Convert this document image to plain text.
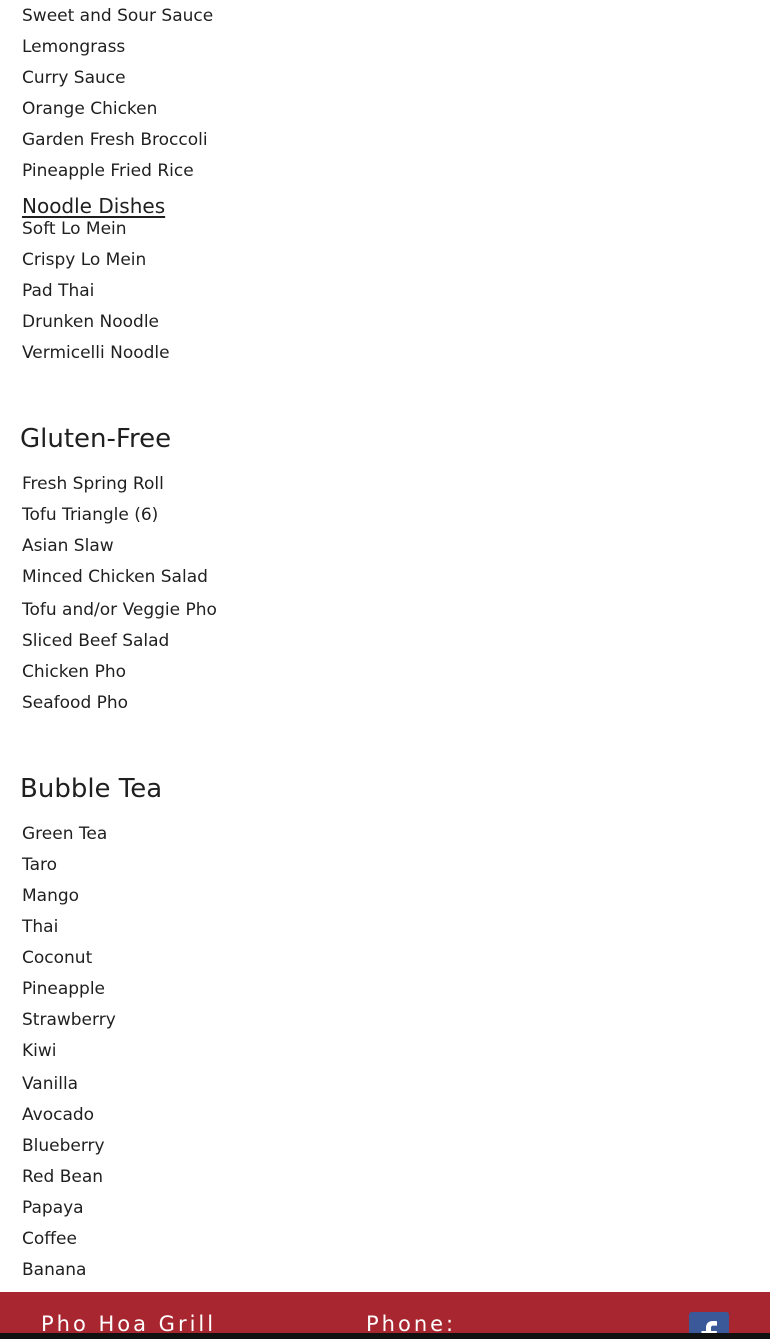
Sweet and Sour Sauce
Lemongrass
Curry Sauce
Orange Chicken
Garden Fresh Broccoli
Pineapple Fried Rice
Noodle Dishes
Soft Lo Mein
Crispy Lo Mein
Pad Thai
Drunken Noodle
Vermicelli Noodle
Gluten-Free
Fresh Spring Roll
Tofu Triangle (6)
Asian Slaw
Minced Chicken Salad
Tofu and/or Veggie Pho
Sliced Beef Salad
Chicken Pho
Seafood Pho
Bubble Tea
Green Tea
Taro
Mango
Thai
Coconut
Pineapple
Strawberry
Kiwi
Vanilla
Avocado
Blueberry
Red Bean
Papaya
Coffee
Banana
Pho Hoa Grill	Phone:
